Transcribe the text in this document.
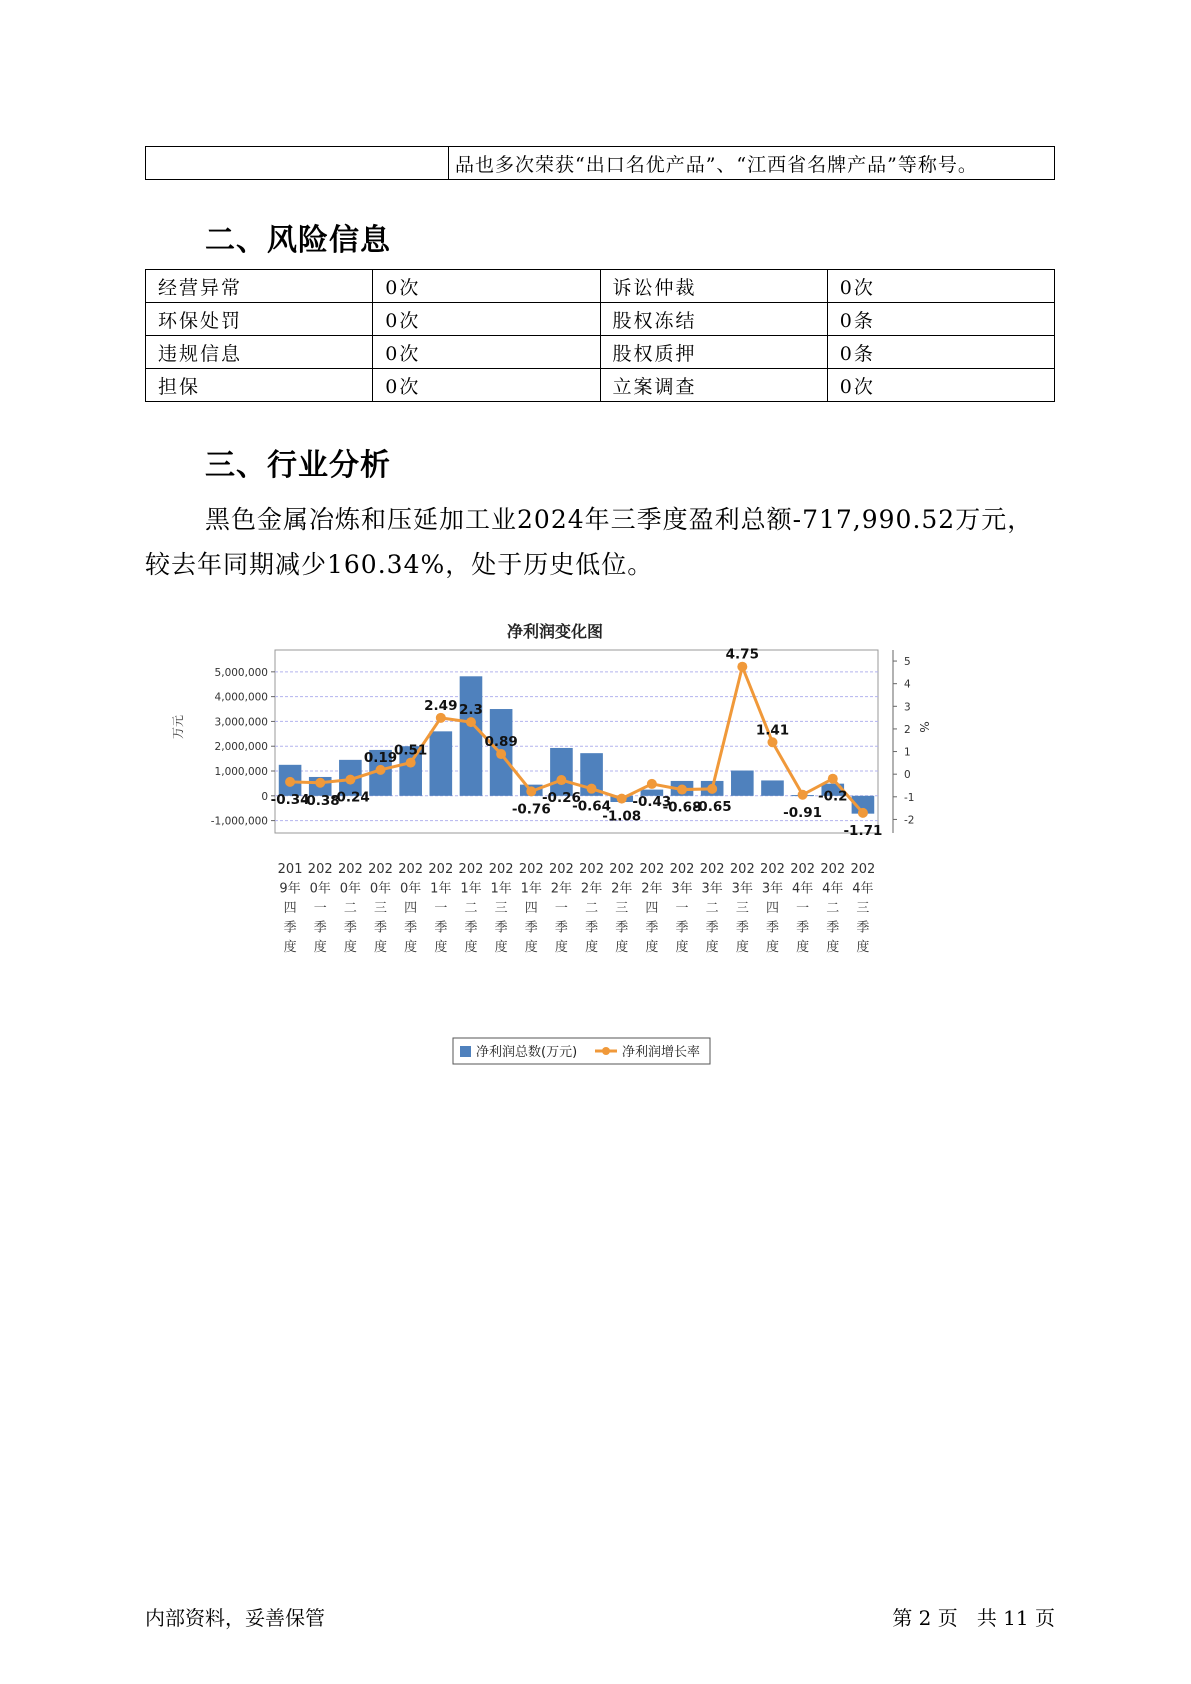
	品也多次荣获“出口名优产品”、“江西省名牌产品”等称号。
二、风险信息
经营异常	0次	诉讼仲裁	0次
环保处罚	0次	股权冻结	0条
违规信息	0次	股权质押	0条
担保	0次	立案调查	0次
三、行业分析

黑色金属冶炼和压延加工业2024年三季度盈利总额-717,990.52万元，较去年同期减少160.34%，处于历史低位。

净利润变化图
5,000,000
4,000,000
3,000,000
2,000,000
1,000,000
0
-1,000,000
5
4
3
2
1
0
-1
-2
万元	%
-0.34
-0.38
-0.24
0.19
0.51
2.49 2.3
0.89
-0.76
-0.26
-0.64
-1.08
-0.43
-0.68
-0.65
4.75
1.41
-0.91
-0.2
-1.71
201
9年
四
季
度
202
0年
一
季
度
202
0年
二
季
度
202
0年
三
季
度
202
0年
四
季
度
202
1年
一
季
度
202
1年
二
季
度
202
1年
三
季
度
202
1年
四
季
度
202
2年
一
季
度
202
2年
二
季
度
202
2年
三
季
度
202
2年
四
季
度
202
3年
一
季
度
202
3年
二
季
度
202
3年
三
季
度
202
3年
四
季
度
202
4年
一
季
度
202
4年
二
季
度
202
4年
三
季
度
净利润总数(万元)	净利润增长率
内部资料，妥善保管	第 2 页   共 11 页
